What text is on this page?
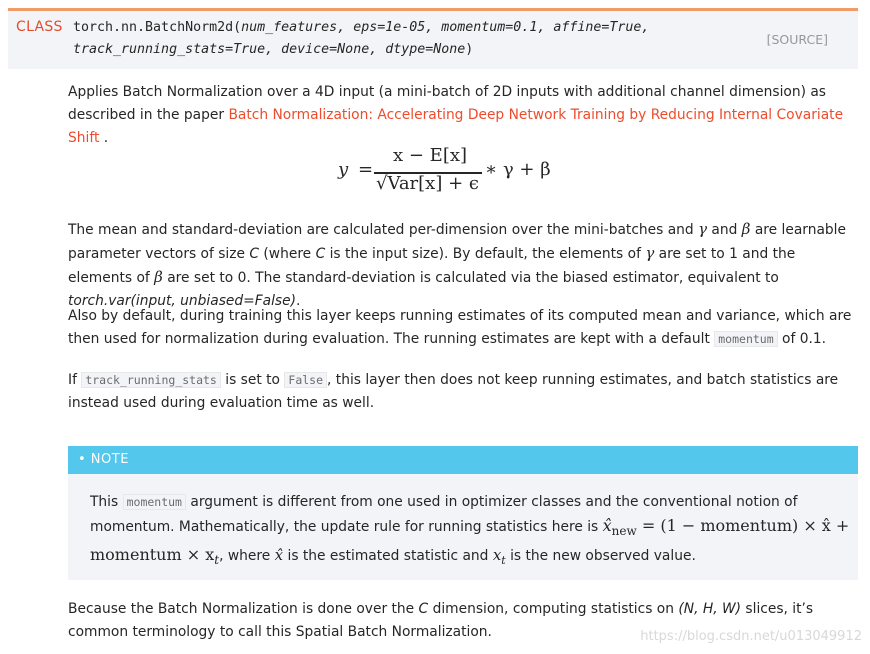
CLASS torch.nn.BatchNorm2d(num_features, eps=1e-05, momentum=0.1, affine=True,
track_running_stats=True, device=None, dtype=None)
[SOURCE]

Applies Batch Normalization over a 4D input (a mini-batch of 2D inputs with additional channel dimension) as described in the paper Batch Normalization: Accelerating Deep Network Training by Reducing Internal Covariate Shift .

y =
x − E[x]
√Var[x] + ϵ
∗ γ + β

The mean and standard-deviation are calculated per-dimension over the mini-batches and γ and β are learnable parameter vectors of size C (where C is the input size). By default, the elements of γ are set to 1 and the elements of β are set to 0. The standard-deviation is calculated via the biased estimator, equivalent to torch.var(input, unbiased=False).

Also by default, during training this layer keeps running estimates of its computed mean and variance, which are then used for normalization during evaluation. The running estimates are kept with a default momentum of 0.1.

If track_running_stats is set to False , this layer then does not keep running estimates, and batch statistics are instead used during evaluation time as well.

• NOTE

This momentum argument is different from one used in optimizer classes and the conventional notion of momentum. Mathematically, the update rule for running statistics here is $x̂_{new} = (1$ − momentum) × x̂ + momentum × $x_t$, where x̂ is the estimated statistic and $x_t$ is the new observed value.

Because the Batch Normalization is done over the C dimension, computing statistics on (N, H, W) slices, it’s common terminology to call this Spatial Batch Normalization.	https://blog.csdn.net/u013049912
